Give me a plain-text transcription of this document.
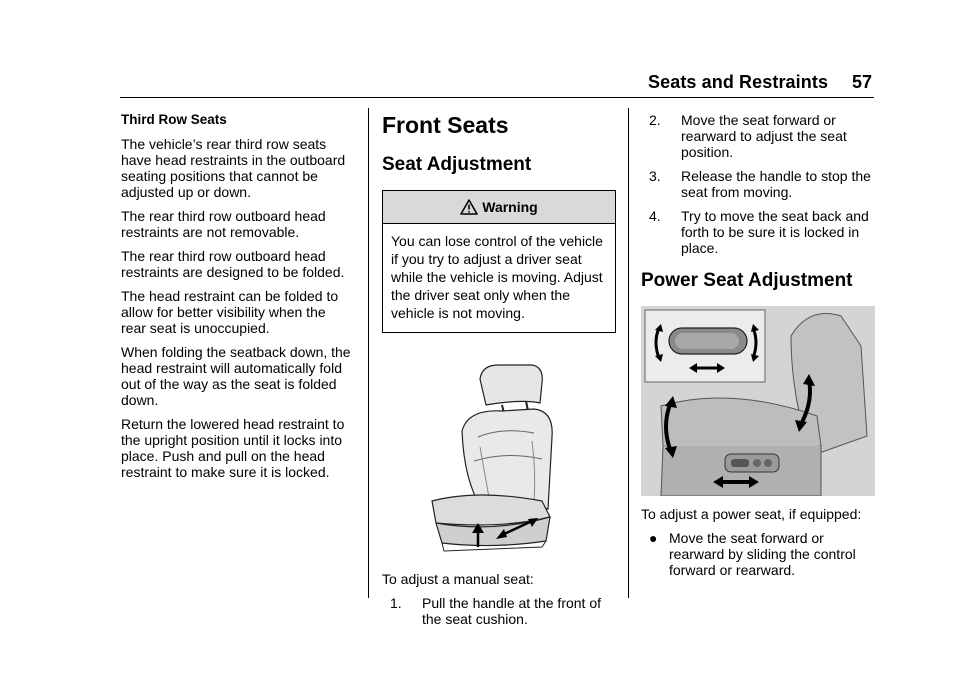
Seats and Restraints 57
Third Row Seats

The vehicle’s rear third row seats have head restraints in the outboard seating positions that cannot be adjusted up or down.

The rear third row outboard head restraints are not removable.

The rear third row outboard head restraints are designed to be folded.

The head restraint can be folded to allow for better visibility when the rear seat is unoccupied.

When folding the seatback down, the head restraint will automatically fold out of the way as the seat is folded down.

Return the lowered head restraint to the upright position until it locks into place. Push and pull on the head restraint to make sure it is locked.

Front Seats
Seat Adjustment
Warning
You can lose control of the vehicle if you try to adjust a driver seat while the vehicle is moving. Adjust the driver seat only when the vehicle is not moving.

To adjust a manual seat:

1.	Pull the handle at the front of the seat cushion.
2.	Move the seat forward or rearward to adjust the seat position.
3.	Release the handle to stop the seat from moving.
4.	Try to move the seat back and forth to be sure it is locked in place.
Power Seat Adjustment

To adjust a power seat, if equipped:

● Move the seat forward or rearward by sliding the control forward or rearward.
